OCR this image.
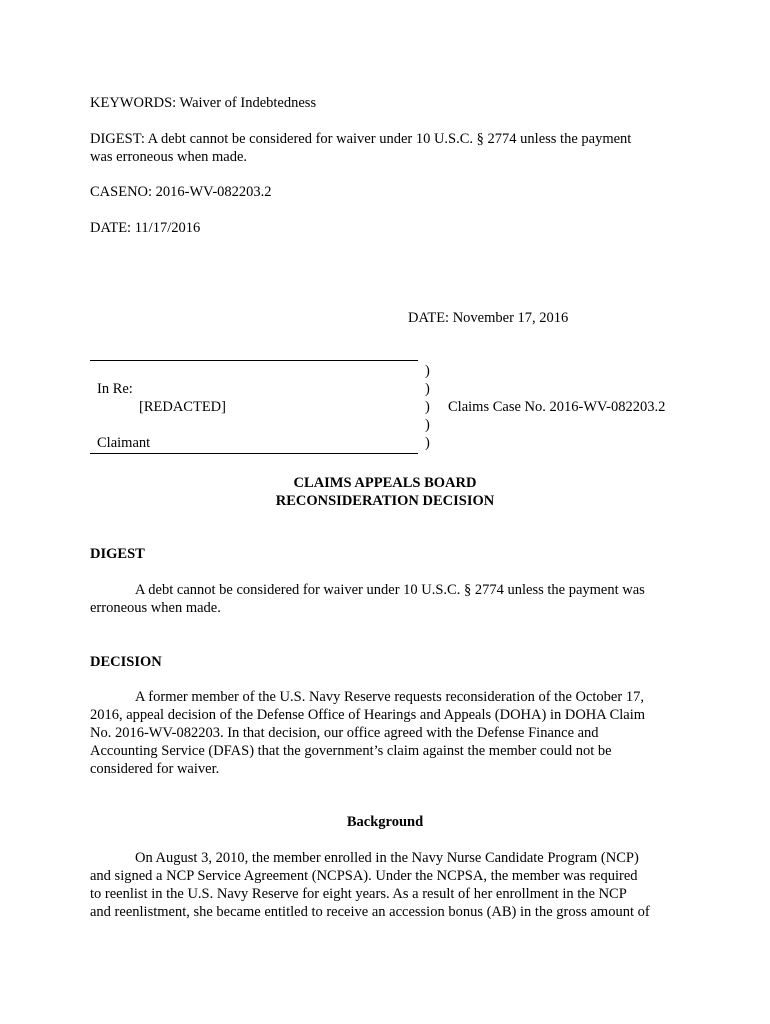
KEYWORDS: Waiver of Indebtedness
DIGEST: A debt cannot be considered for waiver under 10 U.S.C. § 2774 unless the payment
was erroneous when made.
CASENO: 2016-WV-082203.2
DATE: 11/17/2016
DATE: November 17, 2016
In Re:
[REDACTED]
Claimant
)
)
)
)
)
Claims Case No. 2016-WV-082203.2
CLAIMS APPEALS BOARD
RECONSIDERATION DECISION
DIGEST
A debt cannot be considered for waiver under 10 U.S.C. § 2774 unless the payment was
erroneous when made.
DECISION
A former member of the U.S. Navy Reserve requests reconsideration of the October 17,
2016, appeal decision of the Defense Office of Hearings and Appeals (DOHA) in DOHA Claim
No. 2016-WV-082203. In that decision, our office agreed with the Defense Finance and
Accounting Service (DFAS) that the government’s claim against the member could not be
considered for waiver.
Background
On August 3, 2010, the member enrolled in the Navy Nurse Candidate Program (NCP)
and signed a NCP Service Agreement (NCPSA). Under the NCPSA, the member was required
to reenlist in the U.S. Navy Reserve for eight years. As a result of her enrollment in the NCP
and reenlistment, she became entitled to receive an accession bonus (AB) in the gross amount of
